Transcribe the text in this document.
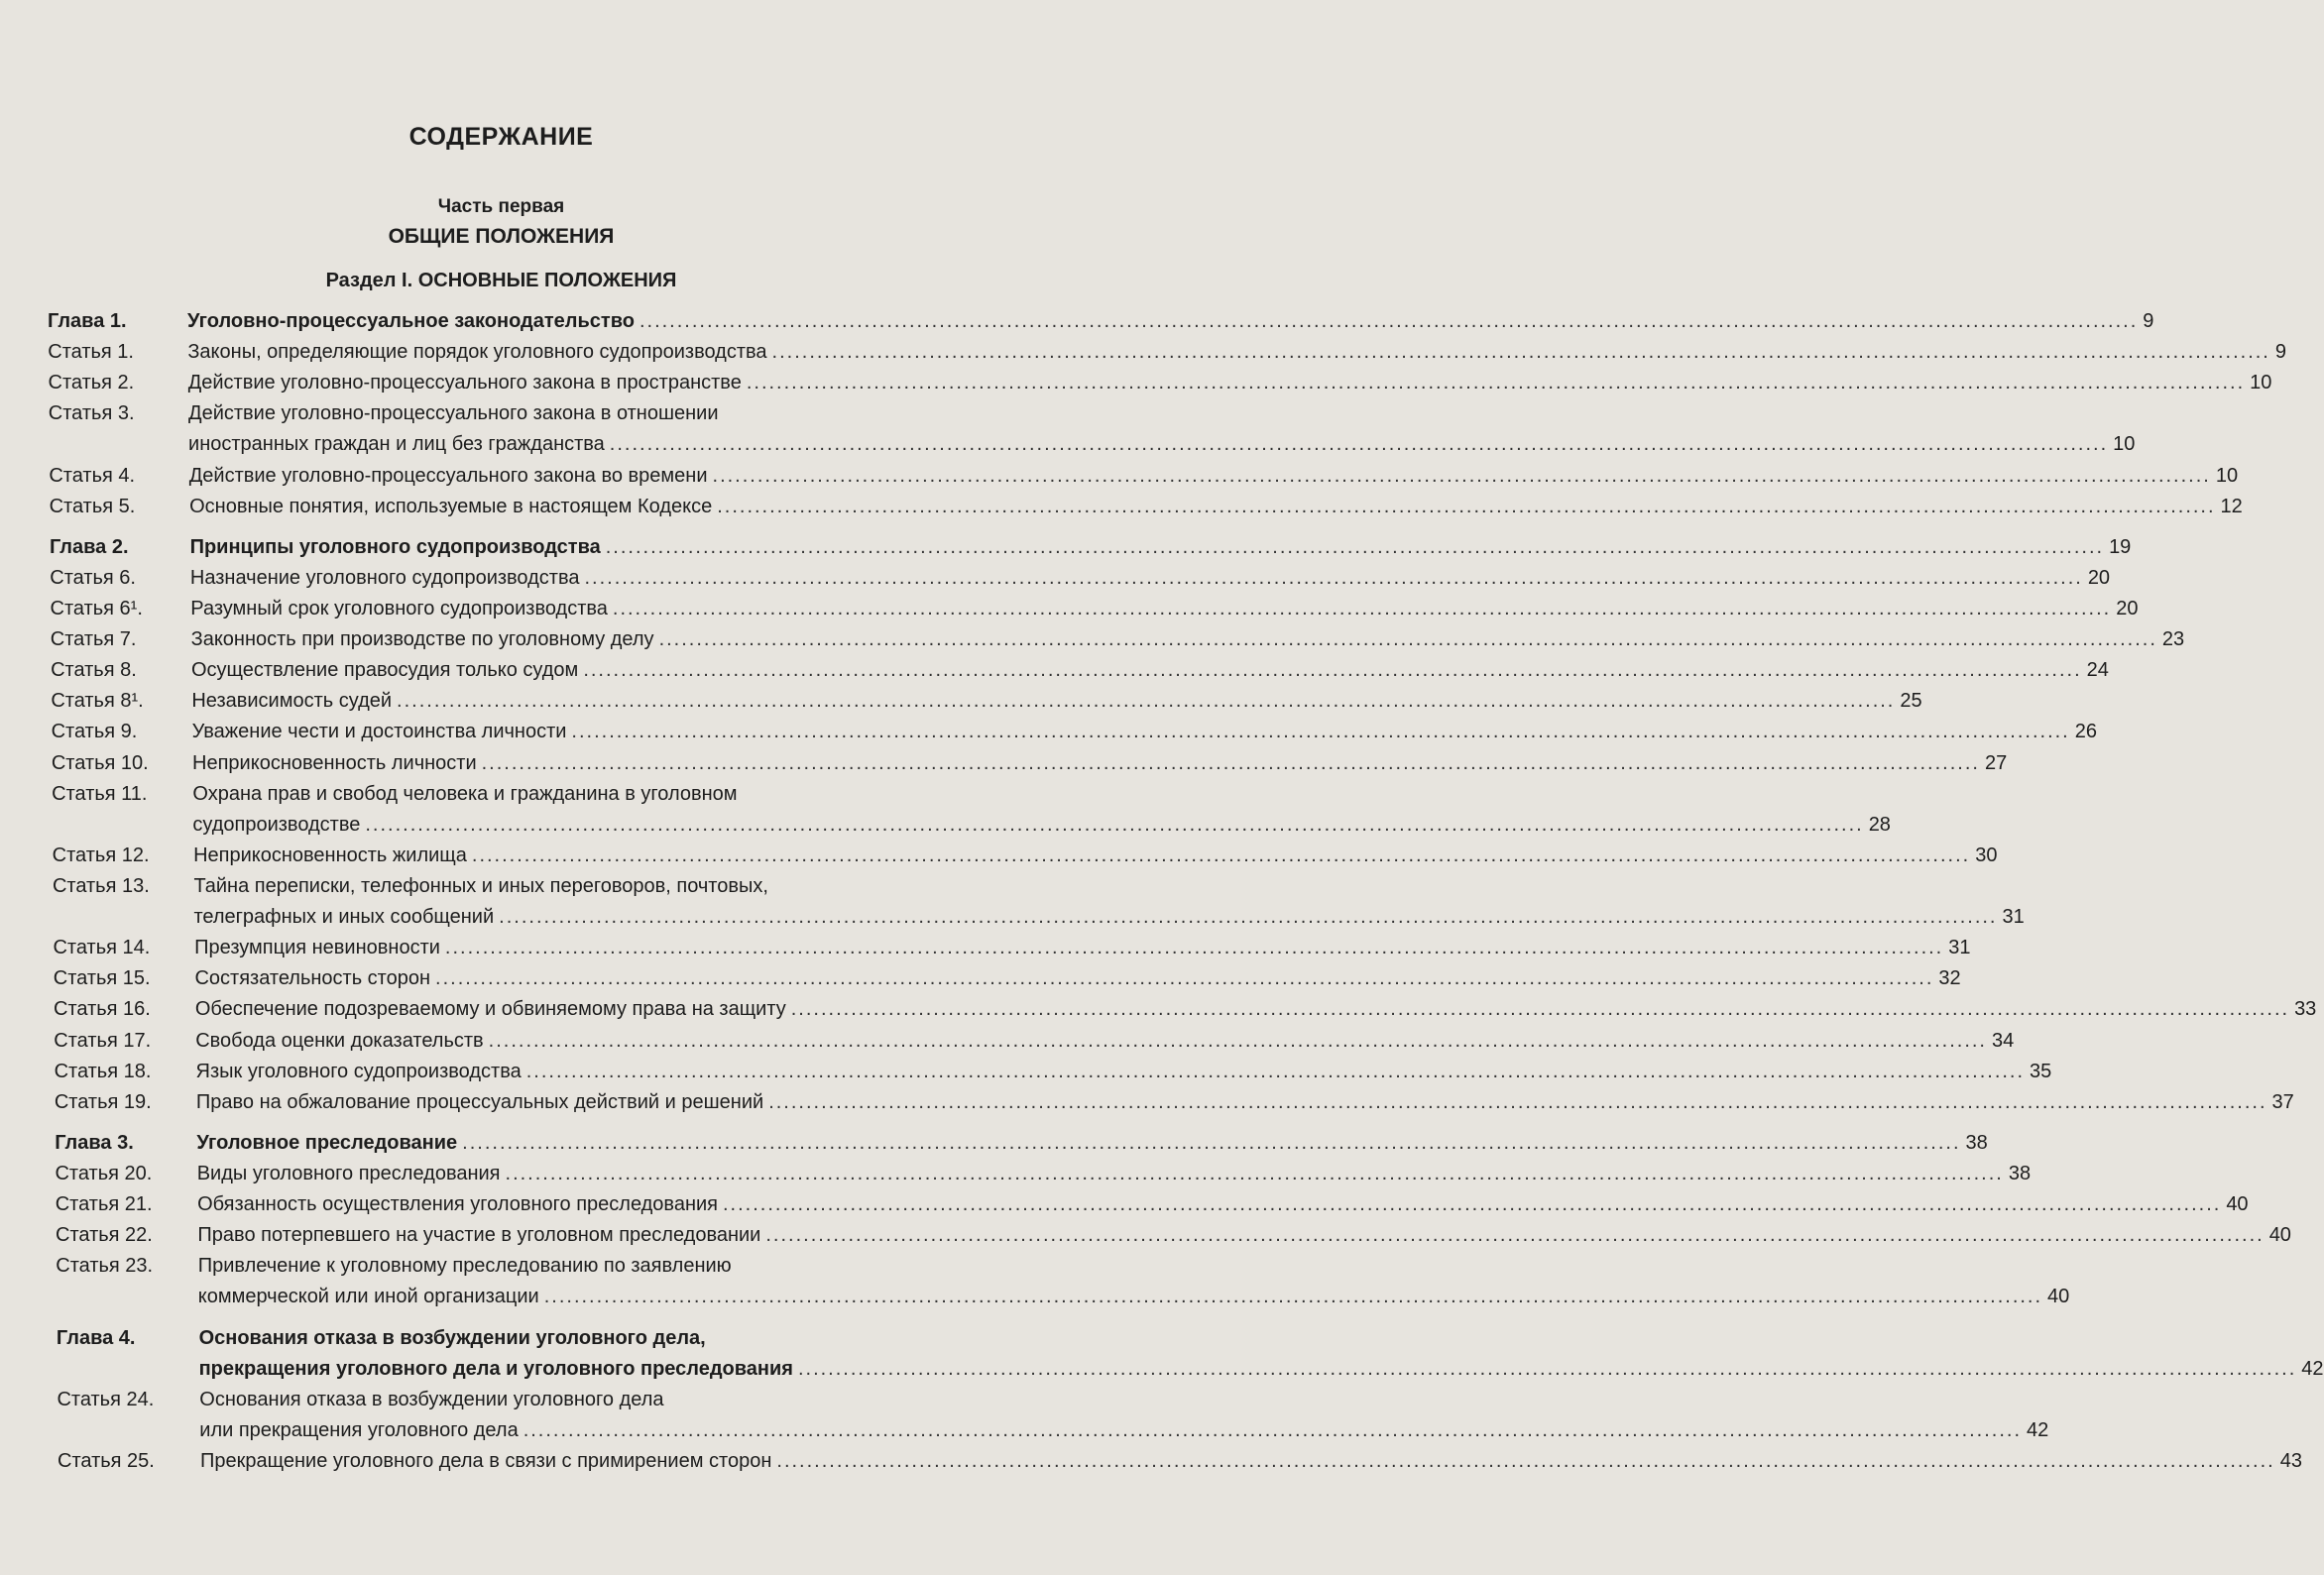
СОДЕРЖАНИЕ
Часть первая
ОБЩИЕ ПОЛОЖЕНИЯ
Раздел I. ОСНОВНЫЕ ПОЛОЖЕНИЯ
Глава 1.	Уголовно-процессуальное законодательство ........................................................................................................................................................................................................ 9
Статья 1.	Законы, определяющие порядок уголовного судопроизводства ........................................................................................................................................................................................................ 9
Статья 2.	Действие уголовно-процессуального закона в пространстве ........................................................................................................................................................................................................ 10
Статья 3.	Действие уголовно-процессуального закона в отношении
иностранных граждан и лиц без гражданства ........................................................................................................................................................................................................ 10
Статья 4.	Действие уголовно-процессуального закона во времени ........................................................................................................................................................................................................ 10
Статья 5.	Основные понятия, используемые в настоящем Кодексе ........................................................................................................................................................................................................ 12
Глава 2.	Принципы уголовного судопроизводства ........................................................................................................................................................................................................ 19
Статья 6.	Назначение уголовного судопроизводства ........................................................................................................................................................................................................ 20
Статья 6¹. Разумный срок уголовного судопроизводства ........................................................................................................................................................................................................ 20
Статья 7.	Законность при производстве по уголовному делу ........................................................................................................................................................................................................ 23
Статья 8.	Осуществление правосудия только судом ........................................................................................................................................................................................................ 24
Статья 8¹. Независимость судей ........................................................................................................................................................................................................ 25
Статья 9.	Уважение чести и достоинства личности ........................................................................................................................................................................................................ 26
Статья 10. Неприкосновенность личности ........................................................................................................................................................................................................ 27
Статья 11. Охрана прав и свобод человека и гражданина в уголовном
судопроизводстве ........................................................................................................................................................................................................ 28
Статья 12. Неприкосновенность жилища ........................................................................................................................................................................................................ 30
Статья 13. Тайна переписки, телефонных и иных переговоров, почтовых,
телеграфных и иных сообщений ........................................................................................................................................................................................................ 31
Статья 14. Презумпция невиновности ........................................................................................................................................................................................................ 31
Статья 15. Состязательность сторон ........................................................................................................................................................................................................ 32
Статья 16. Обеспечение подозреваемому и обвиняемому права на защиту ........................................................................................................................................................................................................ 33
Статья 17. Свобода оценки доказательств ........................................................................................................................................................................................................ 34
Статья 18. Язык уголовного судопроизводства ........................................................................................................................................................................................................ 35
Статья 19. Право на обжалование процессуальных действий и решений ........................................................................................................................................................................................................ 37
Глава 3.	Уголовное преследование ........................................................................................................................................................................................................ 38
Статья 20. Виды уголовного преследования ........................................................................................................................................................................................................ 38
Статья 21. Обязанность осуществления уголовного преследования ........................................................................................................................................................................................................ 40
Статья 22. Право потерпевшего на участие в уголовном преследовании ........................................................................................................................................................................................................ 40
Статья 23. Привлечение к уголовному преследованию по заявлению
коммерческой или иной организации ........................................................................................................................................................................................................ 40
Глава 4.	Основания отказа в возбуждении уголовного дела,
прекращения уголовного дела и уголовного преследования ........................................................................................................................................................................................................ 42
Статья 24. Основания отказа в возбуждении уголовного дела
или прекращения уголовного дела ........................................................................................................................................................................................................ 42
Статья 25. Прекращение уголовного дела в связи с примирением сторон ........................................................................................................................................................................................................ 43
